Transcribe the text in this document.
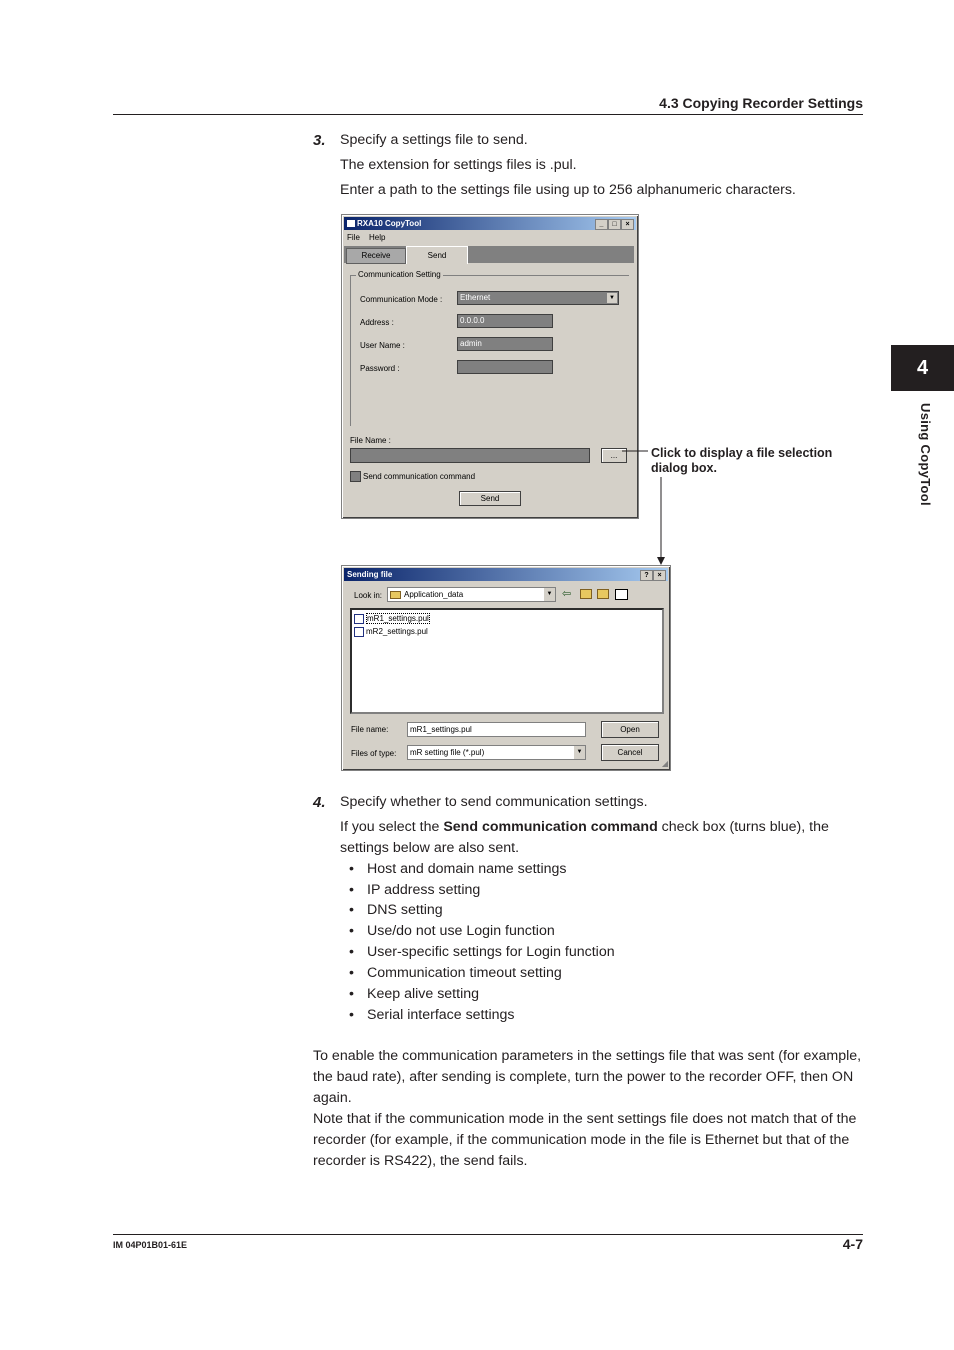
4.3 Copying Recorder Settings
4
Using CopyTool
3. Specify a settings file to send.
The extension for settings files is .pul.
Enter a path to the settings file using up to 256 alphanumeric characters.
RXA10 CopyTool	_	□	×
File Help
Receive	Send
Communication Setting
Communication Mode :	Ethernet	▼
Address :	0.0.0.0
User Name :	admin
Password :
File Name :
...
Send communication command
Send
Click to display a file selection
dialog box.
Sending file	?	×
Look in:	Application_data	▼ ⇦
mR1_settings.pul
mR2_settings.pul
File name:	mR1_settings.pul	Open
Files of type:	mR setting file (*.pul)	▼	Cancel
◢
4. Specify whether to send communication settings.
If you select the Send communication command check box (turns blue), the settings below are also sent.
• Host and domain name settings
• IP address setting
• DNS setting
• Use/do not use Login function
• User-specific settings for Login function
• Communication timeout setting
• Keep alive setting
• Serial interface settings
To enable the communication parameters in the settings file that was sent (for example, the baud rate), after sending is complete, turn the power to the recorder OFF, then ON again.
Note that if the communication mode in the sent settings file does not match that of the recorder (for example, if the communication mode in the file is Ethernet but that of the recorder is RS422), the send fails.
IM 04P01B01-61E	4-7
